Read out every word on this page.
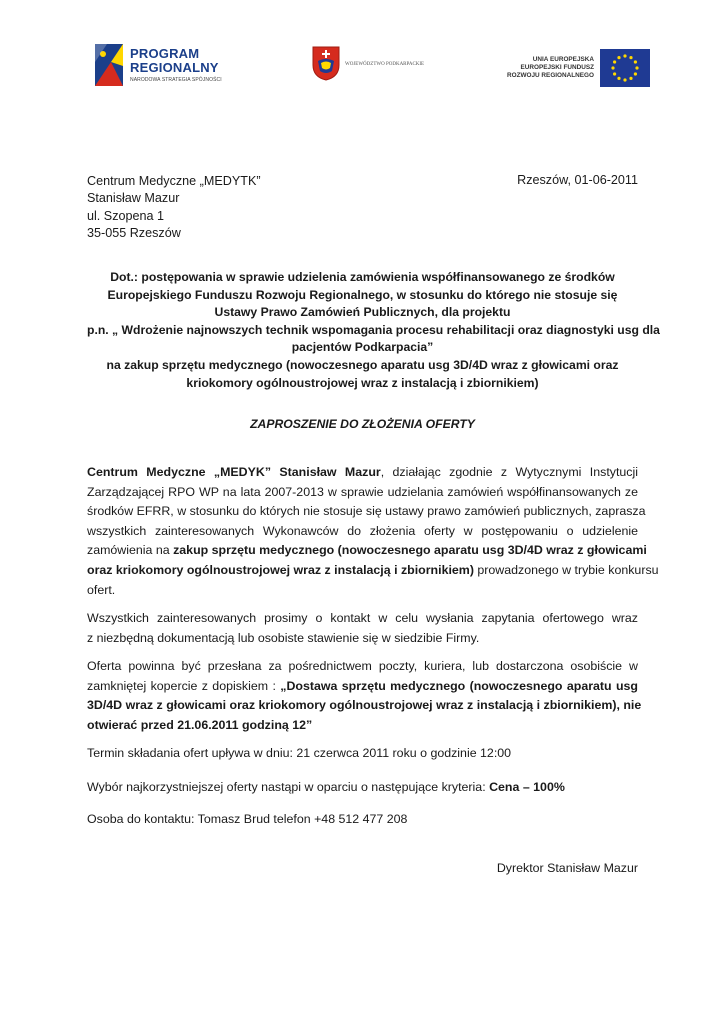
PROGRAM
REGIONALNY
NARODOWA STRATEGIA SPÓJNOŚCI
WOJEWÓDZTWO PODKARPACKIE
UNIA EUROPEJSKA
EUROPEJSKI FUNDUSZ
ROZWOJU REGIONALNEGO
Centrum Medyczne „MEDYTK”
Stanisław Mazur
ul. Szopena 1
35-055 Rzeszów
Rzeszów, 01-06-2011
Dot.: postępowania w sprawie udzielenia zamówienia współfinansowanego ze środków
Europejskiego Funduszu Rozwoju Regionalnego, w stosunku do którego nie stosuje się
Ustawy Prawo Zamówień Publicznych, dla projektu
p.n. „ Wdrożenie najnowszych technik wspomagania procesu rehabilitacji oraz diagnostyki usg dla
pacjentów Podkarpacia”
na zakup sprzętu medycznego (nowoczesnego aparatu usg 3D/4D wraz z głowicami oraz
kriokomory ogólnoustrojowej wraz z instalacją i zbiornikiem)
ZAPROSZENIE DO ZŁOŻENIA OFERTY
Centrum Medyczne „MEDYK” Stanisław Mazur, działając zgodnie z Wytycznymi Instytucji
Zarządzającej RPO WP na lata 2007-2013 w sprawie udzielania zamówień współfinansowanych ze
środków EFRR, w stosunku do których nie stosuje się ustawy prawo zamówień publicznych, zaprasza
wszystkich zainteresowanych Wykonawców do złożenia oferty w postępowaniu o udzielenie
zamówienia na zakup sprzętu medycznego (nowoczesnego aparatu usg 3D/4D wraz z głowicami
oraz kriokomory ogólnoustrojowej wraz z instalacją i zbiornikiem) prowadzonego w trybie konkursu
ofert.
Wszystkich zainteresowanych prosimy o kontakt w celu wysłania zapytania ofertowego wraz
z niezbędną dokumentacją lub osobiste stawienie się w siedzibie Firmy.
Oferta powinna być przesłana za pośrednictwem poczty, kuriera, lub dostarczona osobiście w
zamkniętej kopercie z dopiskiem : „Dostawa sprzętu medycznego (nowoczesnego aparatu usg
3D/4D wraz z głowicami oraz kriokomory ogólnoustrojowej wraz z instalacją i zbiornikiem), nie
otwierać przed 21.06.2011 godziną 12”
Termin składania ofert upływa w dniu: 21 czerwca 2011 roku o godzinie 12:00
Wybór najkorzystniejszej oferty nastąpi w oparciu o następujące kryteria: Cena – 100%
Osoba do kontaktu: Tomasz Brud telefon +48 512 477 208
Dyrektor Stanisław Mazur
